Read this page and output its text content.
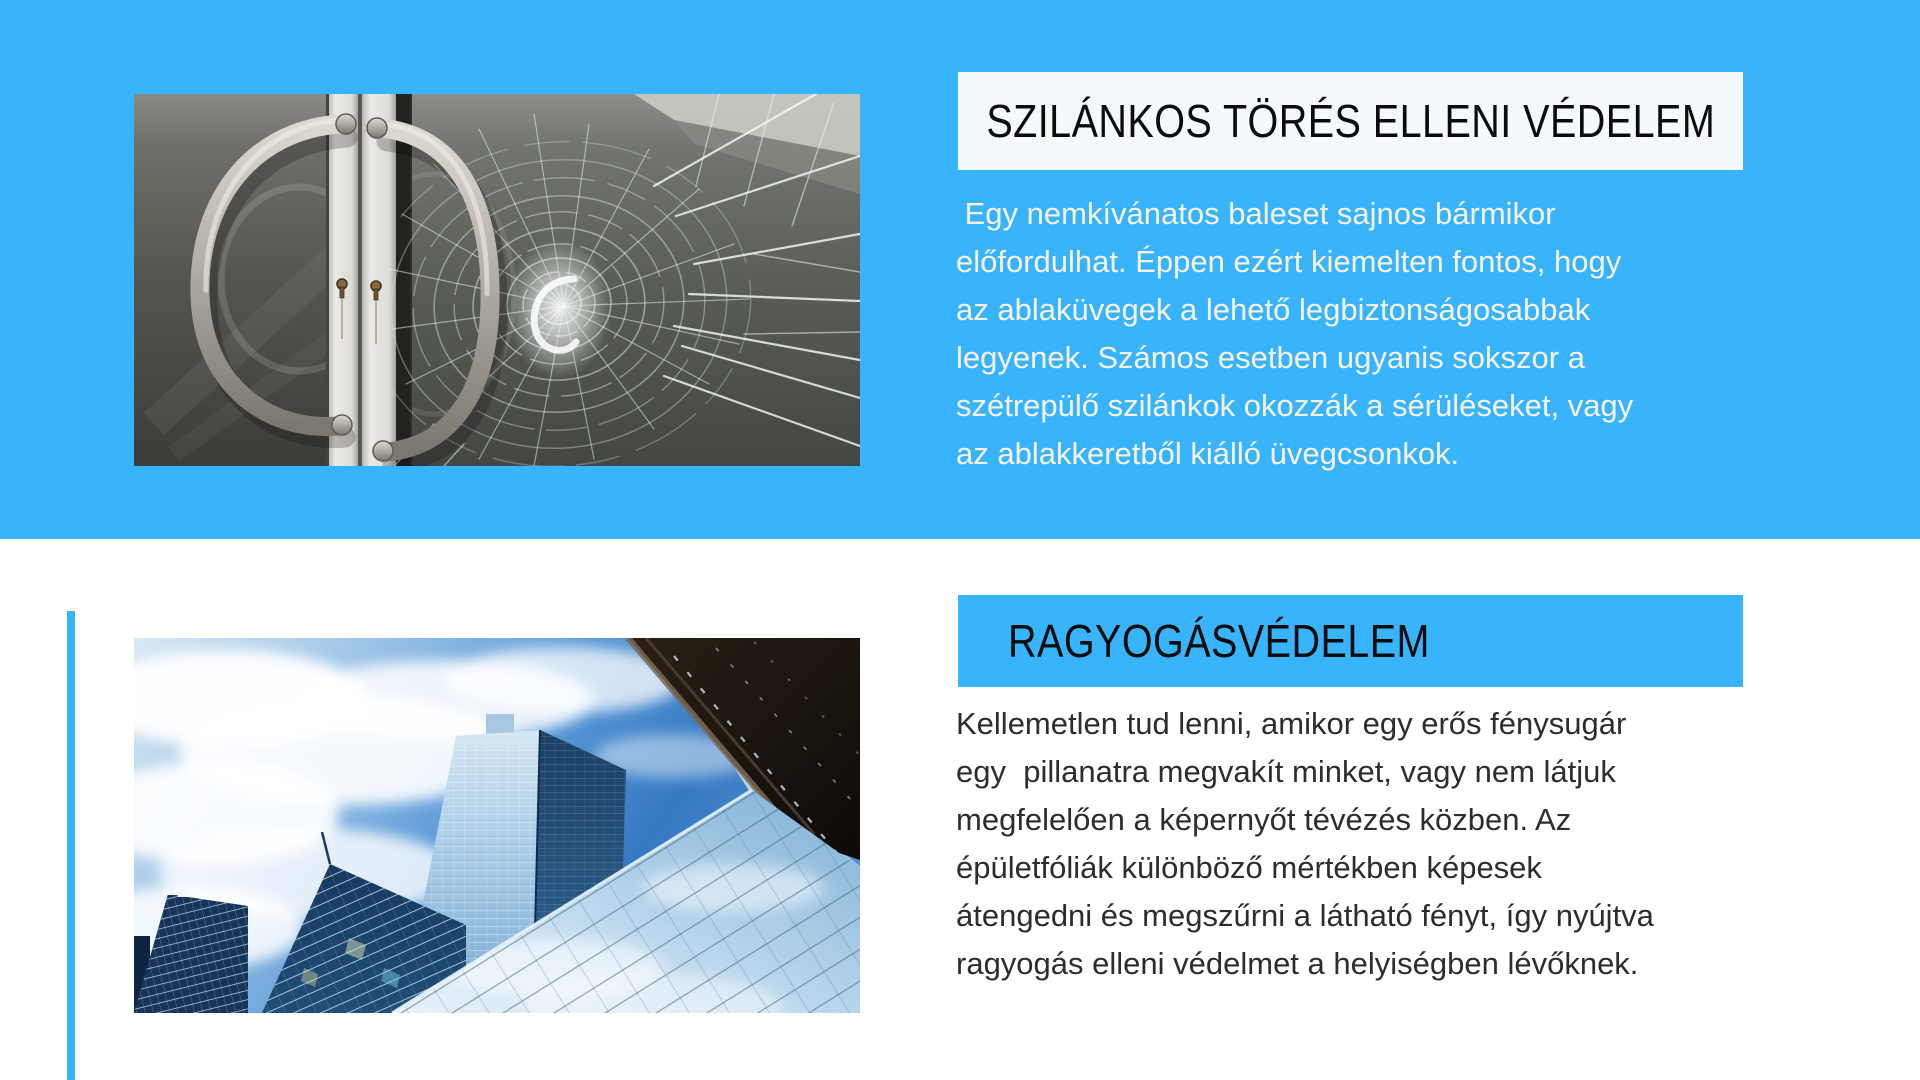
SZILÁNKOS TÖRÉS ELLENI VÉDELEM
Egy nemkívánatos baleset sajnos bármikor
előfordulhat. Éppen ezért kiemelten fontos, hogy
az ablaküvegek a lehető legbiztonságosabbak
legyenek. Számos esetben ugyanis sokszor a
szétrepülő szilánkok okozzák a sérüléseket, vagy
az ablakkeretből kiálló üvegcsonkok.
RAGYOGÁSVÉDELEM
Kellemetlen tud lenni, amikor egy erős fénysugár
egy  pillanatra megvakít minket, vagy nem látjuk
megfelelően a képernyőt tévézés közben. Az
épületfóliák különböző mértékben képesek
átengedni és megszűrni a látható fényt, így nyújtva
ragyogás elleni védelmet a helyiségben lévőknek.
